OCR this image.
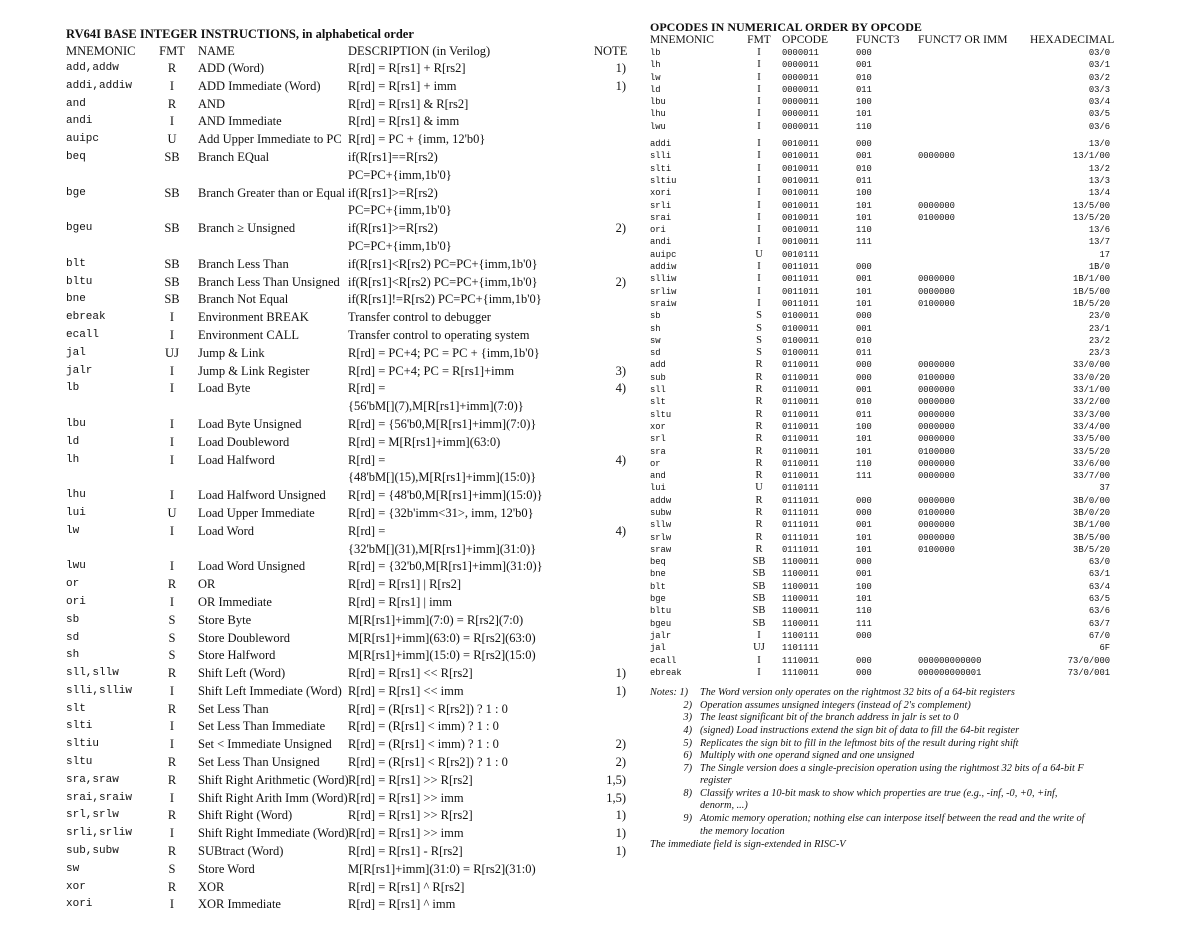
RV64I BASE INTEGER INSTRUCTIONS, in alphabetical order
MNEMONIC	FMT	NAME	DESCRIPTION (in Verilog)	NOTE
add,addw	R	ADD (Word)	R[rd] = R[rs1] + R[rs2]	1)
addi,addiw	I	ADD Immediate (Word)	R[rd] = R[rs1] + imm	1)
and	R	AND	R[rd] = R[rs1] & R[rs2]	

andi	I	AND Immediate	R[rd] = R[rs1] & imm	

auipc	U	Add Upper Immediate to PC	R[rd] = PC + {imm, 12'b0}	

beq	SB	Branch EQual	if(R[rs1]==R[rs2)
PC=PC+{imm,1b'0}	

bge	SB	Branch Greater than or Equal	if(R[rs1]>=R[rs2)
PC=PC+{imm,1b'0}	

bgeu	SB	Branch ≥ Unsigned	if(R[rs1]>=R[rs2)
PC=PC+{imm,1b'0}	2)
blt	SB	Branch Less Than	if(R[rs1]<R[rs2) PC=PC+{imm,1b'0}	

bltu	SB	Branch Less Than Unsigned	if(R[rs1]<R[rs2) PC=PC+{imm,1b'0}	2)
bne	SB	Branch Not Equal	if(R[rs1]!=R[rs2) PC=PC+{imm,1b'0}	

ebreak	I	Environment BREAK	Transfer control to debugger	

ecall	I	Environment CALL	Transfer control to operating system	

jal	UJ	Jump & Link	R[rd] = PC+4; PC = PC + {imm,1b'0}	

jalr	I	Jump & Link Register	R[rd] = PC+4; PC = R[rs1]+imm	3)
lb	I	Load Byte	R[rd] =
{56'bM[](7),M[R[rs1]+imm](7:0)}	4)
lbu	I	Load Byte Unsigned	R[rd] = {56'b0,M[R[rs1]+imm](7:0)}	

ld	I	Load Doubleword	R[rd] = M[R[rs1]+imm](63:0)	

lh	I	Load Halfword	R[rd] =
{48'bM[](15),M[R[rs1]+imm](15:0)}	4)
lhu	I	Load Halfword Unsigned	R[rd] = {48'b0,M[R[rs1]+imm](15:0)}	

lui	U	Load Upper Immediate	R[rd] = {32b'imm<31>, imm, 12'b0}	

lw	I	Load Word	R[rd] =
{32'bM[](31),M[R[rs1]+imm](31:0)}	4)
lwu	I	Load Word Unsigned	R[rd] = {32'b0,M[R[rs1]+imm](31:0)}	

or	R	OR	R[rd] = R[rs1] | R[rs2]	

ori	I	OR Immediate	R[rd] = R[rs1] | imm	

sb	S	Store Byte	M[R[rs1]+imm](7:0) = R[rs2](7:0)	

sd	S	Store Doubleword	M[R[rs1]+imm](63:0) = R[rs2](63:0)	

sh	S	Store Halfword	M[R[rs1]+imm](15:0) = R[rs2](15:0)	

sll,sllw	R	Shift Left (Word)	R[rd] = R[rs1] << R[rs2]	1)
slli,slliw	I	Shift Left Immediate (Word)	R[rd] = R[rs1] << imm	1)
slt	R	Set Less Than	R[rd] = (R[rs1] < R[rs2]) ? 1 : 0	

slti	I	Set Less Than Immediate	R[rd] = (R[rs1] < imm) ? 1 : 0	

sltiu	I	Set < Immediate Unsigned	R[rd] = (R[rs1] < imm) ? 1 : 0	2)
sltu	R	Set Less Than Unsigned	R[rd] = (R[rs1] < R[rs2]) ? 1 : 0	2)
sra,sraw	R	Shift Right Arithmetic (Word)	R[rd] = R[rs1] >> R[rs2]	1,5)
srai,sraiw	I	Shift Right Arith Imm (Word)	R[rd] = R[rs1] >> imm	1,5)
srl,srlw	R	Shift Right (Word)	R[rd] = R[rs1] >> R[rs2]	1)
srli,srliw	I	Shift Right Immediate (Word)	R[rd] = R[rs1] >> imm	1)
sub,subw	R	SUBtract (Word)	R[rd] = R[rs1] - R[rs2]	1)
sw	S	Store Word	M[R[rs1]+imm](31:0) = R[rs2](31:0)	

xor	R	XOR	R[rd] = R[rs1] ^ R[rs2]	

xori	I	XOR Immediate	R[rd] = R[rs1] ^ imm	

OPCODES IN NUMERICAL ORDER BY OPCODE
MNEMONIC	FMT	OPCODE	FUNCT3	FUNCT7 OR IMM	HEXADECIMAL
lb	I	0000011	000		03/0
lh	I	0000011	001		03/1
lw	I	0000011	010		03/2
ld	I	0000011	011		03/3
lbu	I	0000011	100		03/4
lhu	I	0000011	101		03/5
lwu	I	0000011	110		03/6
addi	I	0010011	000		13/0
slli	I	0010011	001	0000000	13/1/00
slti	I	0010011	010		13/2
sltiu	I	0010011	011		13/3
xori	I	0010011	100		13/4
srli	I	0010011	101	0000000	13/5/00
srai	I	0010011	101	0100000	13/5/20
ori	I	0010011	110		13/6
andi	I	0010011	111		13/7
auipc	U	0010111			17
addiw	I	0011011	000		1B/0
slliw	I	0011011	001	0000000	1B/1/00
srliw	I	0011011	101	0000000	1B/5/00
sraiw	I	0011011	101	0100000	1B/5/20
sb	S	0100011	000		23/0
sh	S	0100011	001		23/1
sw	S	0100011	010		23/2
sd	S	0100011	011		23/3
add	R	0110011	000	0000000	33/0/00
sub	R	0110011	000	0100000	33/0/20
sll	R	0110011	001	0000000	33/1/00
slt	R	0110011	010	0000000	33/2/00
sltu	R	0110011	011	0000000	33/3/00
xor	R	0110011	100	0000000	33/4/00
srl	R	0110011	101	0000000	33/5/00
sra	R	0110011	101	0100000	33/5/20
or	R	0110011	110	0000000	33/6/00
and	R	0110011	111	0000000	33/7/00
lui	U	0110111			37
addw	R	0111011	000	0000000	3B/0/00
subw	R	0111011	000	0100000	3B/0/20
sllw	R	0111011	001	0000000	3B/1/00
srlw	R	0111011	101	0000000	3B/5/00
sraw	R	0111011	101	0100000	3B/5/20
beq	SB	1100011	000		63/0
bne	SB	1100011	001		63/1
blt	SB	1100011	100		63/4
bge	SB	1100011	101		63/5
bltu	SB	1100011	110		63/6
bgeu	SB	1100011	111		63/7
jalr	I	1100111	000		67/0
jal	UJ	1101111			6F
ecall	I	1110011	000	000000000000	73/0/000
ebreak	I	1110011	000	000000000001	73/0/001
Notes: 1)	The Word version only operates on the rightmost 32 bits of a 64-bit registers
2) Operation assumes unsigned integers (instead of 2's complement)
3) The least significant bit of the branch address in jalr is set to 0
4) (signed) Load instructions extend the sign bit of data to fill the 64-bit register
5) Replicates the sign bit to fill in the leftmost bits of the result during right shift
6) Multiply with one operand signed and one unsigned
7) The Single version does a single-precision operation using the rightmost 32 bits of a 64-bit F register
8) Classify writes a 10-bit mask to show which properties are true (e.g., -inf, -0, +0, +inf, denorm, ...)
9) Atomic memory operation; nothing else can interpose itself between the read and the write of the memory location
The immediate field is sign-extended in RISC-V
